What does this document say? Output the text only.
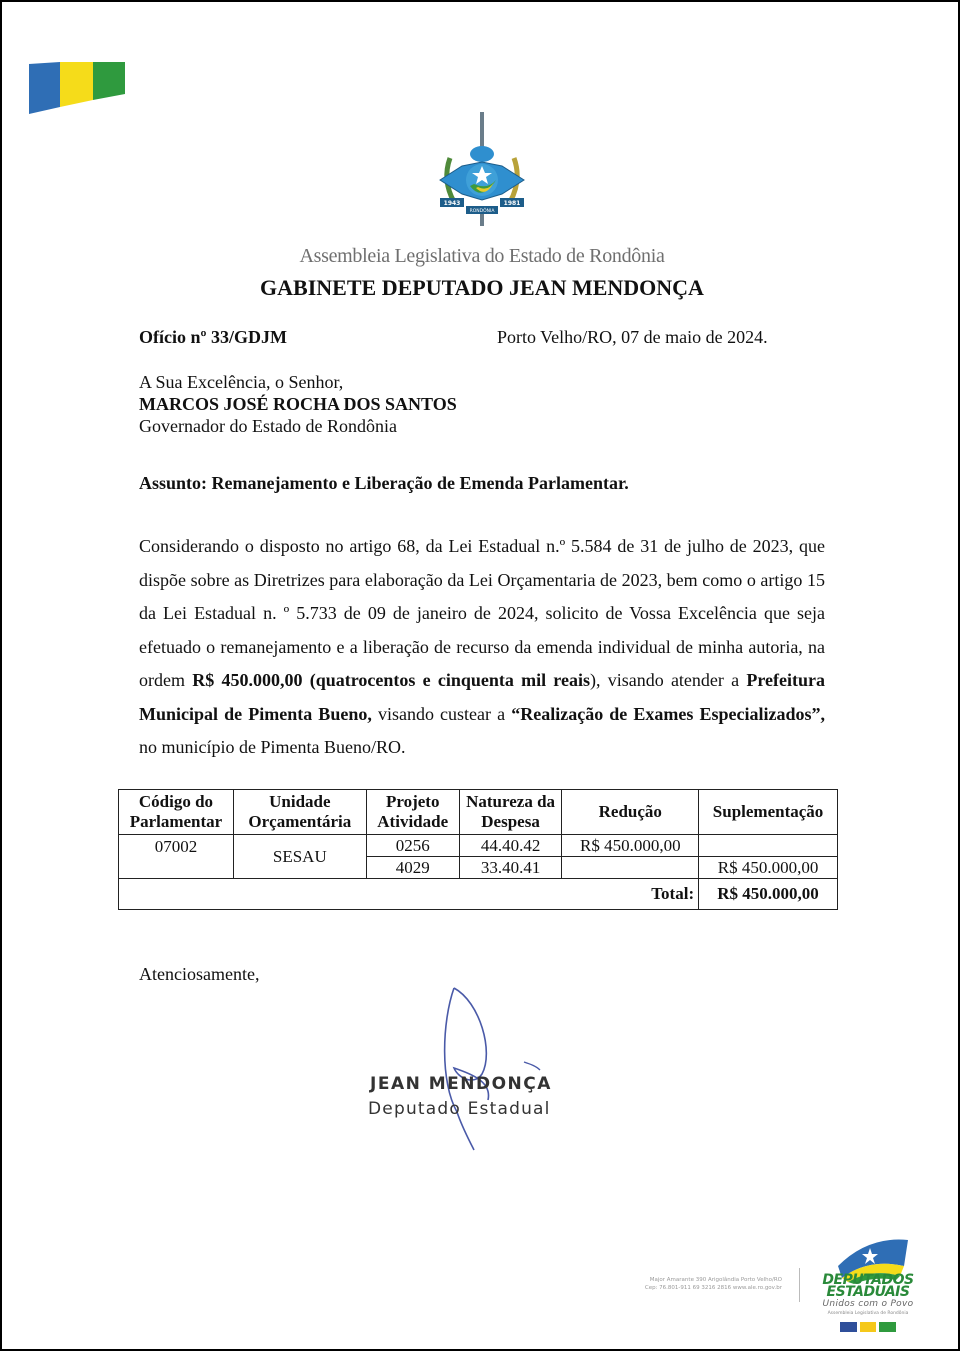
1943	1981
RONDÔNIA
Assembleia Legislativa do Estado de Rondônia
GABINETE DEPUTADO JEAN MENDONÇA
Ofício nº 33/GDJM	Porto Velho/RO, 07 de maio de 2024.
A Sua Excelência, o Senhor,
MARCOS JOSÉ ROCHA DOS SANTOS
Governador do Estado de Rondônia
Assunto: Remanejamento e Liberação de Emenda Parlamentar.
Considerando o disposto no artigo 68, da Lei Estadual n.º 5.584 de 31 de julho de 2023, que dispõe sobre as Diretrizes para elaboração da Lei Orçamentaria de 2023, bem como o artigo 15 da Lei Estadual n. º 5.733 de 09 de janeiro de 2024, solicito de Vossa Excelência que seja efetuado o remanejamento e a liberação de recurso da emenda individual de minha autoria, na ordem R$ 450.000,00 (quatrocentos e cinquenta mil reais), visando atender a Prefeitura Municipal de Pimenta Bueno, visando custear a “Realização de Exames Especializados”, no município de Pimenta Bueno/RO.
Código do Parlamentar	Unidade Orçamentária	Projeto Atividade	Natureza da Despesa	Redução	Suplementação
07002	SESAU	0256	44.40.42	R$ 450.000,00	
		4029	33.40.41		R$ 450.000,00
Total:					R$ 450.000,00
Atenciosamente,
JEAN MENDONÇA
Deputado Estadual
Major Amarante 390 Arigolândia Porto Velho/RO
Cep: 76.801-911 69 3216 2816 www.ale.ro.gov.br	DEPUTADOS
ESTADUAIS
Unidos com o Povo
Assembleia Legislativa de Rondônia
